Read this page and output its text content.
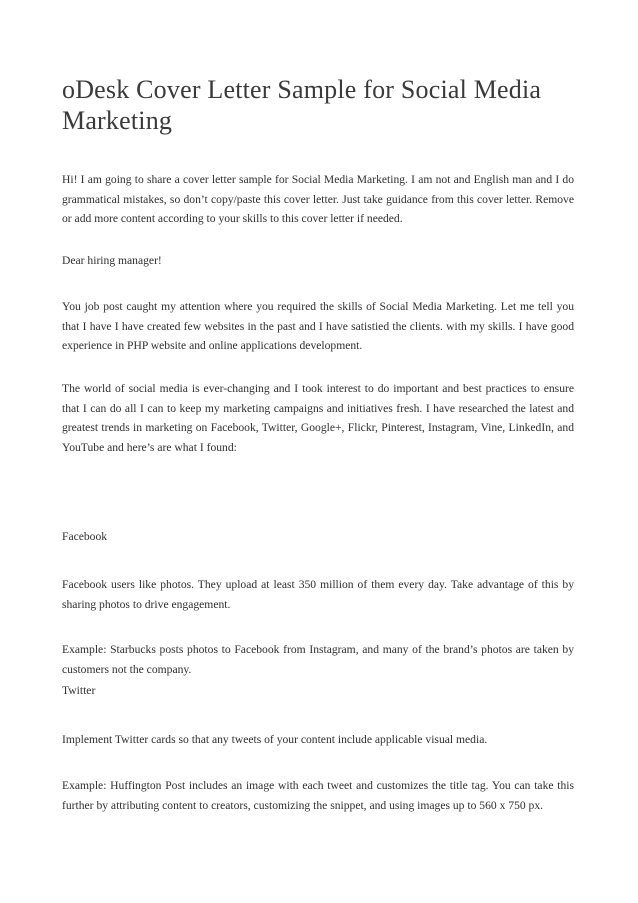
oDesk Cover Letter Sample for Social Media Marketing

Hi! I am going to share a cover letter sample for Social Media Marketing. I am not and English man and I do grammatical mistakes, so don’t copy/paste this cover letter. Just take guidance from this cover letter. Remove or add more content according to your skills to this cover letter if needed.

Dear hiring manager!

You job post caught my attention where you required the skills of Social Media Marketing. Let me tell you that I have I have created few websites in the past and I have satistied the clients. with my skills. I have good experience in PHP website and online applications development.

The world of social media is ever-changing and I took interest to do important and best practices to ensure that I can do all I can to keep my marketing campaigns and initiatives fresh. I have researched the latest and greatest trends in marketing on Facebook, Twitter, Google+, Flickr, Pinterest, Instagram, Vine, LinkedIn, and YouTube and here’s are what I found:

Facebook

Facebook users like photos. They upload at least 350 million of them every day. Take advantage of this by sharing photos to drive engagement.

Example: Starbucks posts photos to Facebook from Instagram, and many of the brand’s photos are taken by customers not the company.

Twitter

Implement Twitter cards so that any tweets of your content include applicable visual media.

Example: Huffington Post includes an image with each tweet and customizes the title tag. You can take this further by attributing content to creators, customizing the snippet, and using images up to 560 x 750 px.
